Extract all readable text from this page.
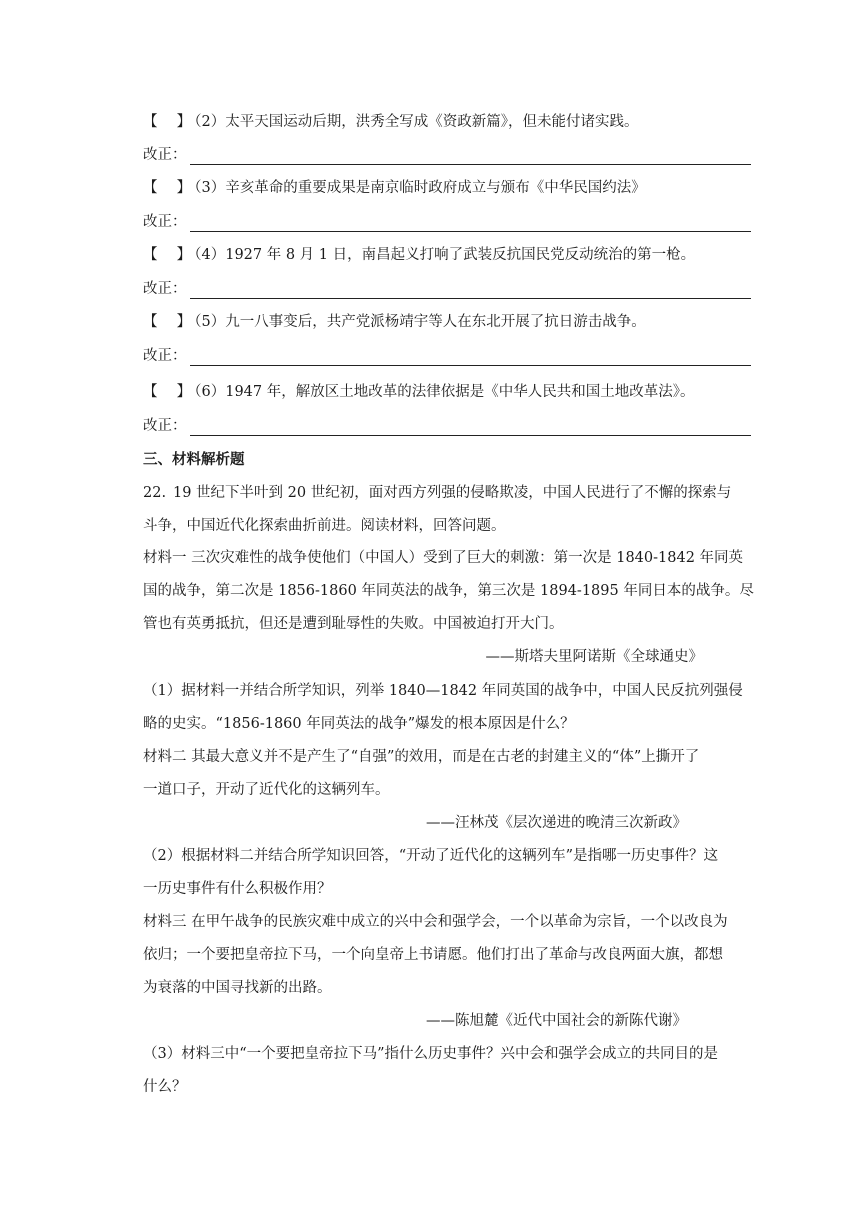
【　 】（2）太平天国运动后期，洪秀全写成《资政新篇》，但未能付诸实践。
改正：
【　 】（3）辛亥革命的重要成果是南京临时政府成立与颁布《中华民国约法》
改正：
【　 】（4）1927 年 8 月 1 日，南昌起义打响了武装反抗国民党反动统治的第一枪。
改正：
【　 】（5）九一八事变后，共产党派杨靖宇等人在东北开展了抗日游击战争。
改正：
【　 】（6）1947 年，解放区土地改革的法律依据是《中华人民共和国土地改革法》。
改正：
三、材料解析题
22. 19 世纪下半叶到 20 世纪初，面对西方列强的侵略欺凌，中国人民进行了不懈的探索与
斗争，中国近代化探索曲折前进。阅读材料，回答问题。
材料一 三次灾难性的战争使他们（中国人）受到了巨大的刺激：第一次是 1840-1842 年同英
国的战争，第二次是 1856-1860 年同英法的战争，第三次是 1894-1895 年同日本的战争。尽
管也有英勇抵抗，但还是遭到耻辱性的失败。中国被迫打开大门。
——斯塔夫里阿诺斯《全球通史》
（1）据材料一并结合所学知识，列举 1840—1842 年同英国的战争中，中国人民反抗列强侵
略的史实。“1856-1860 年同英法的战争”爆发的根本原因是什么？
材料二 其最大意义并不是产生了“自强”的效用，而是在古老的封建主义的“体”上撕开了
一道口子，开动了近代化的这辆列车。
——汪林茂《层次递进的晚清三次新政》
（2）根据材料二并结合所学知识回答，“开动了近代化的这辆列车”是指哪一历史事件？这
一历史事件有什么积极作用？
材料三 在甲午战争的民族灾难中成立的兴中会和强学会，一个以革命为宗旨，一个以改良为
依归；一个要把皇帝拉下马，一个向皇帝上书请愿。他们打出了革命与改良两面大旗，都想
为衰落的中国寻找新的出路。
——陈旭麓《近代中国社会的新陈代谢》
（3）材料三中“一个要把皇帝拉下马”指什么历史事件？兴中会和强学会成立的共同目的是
什么？
